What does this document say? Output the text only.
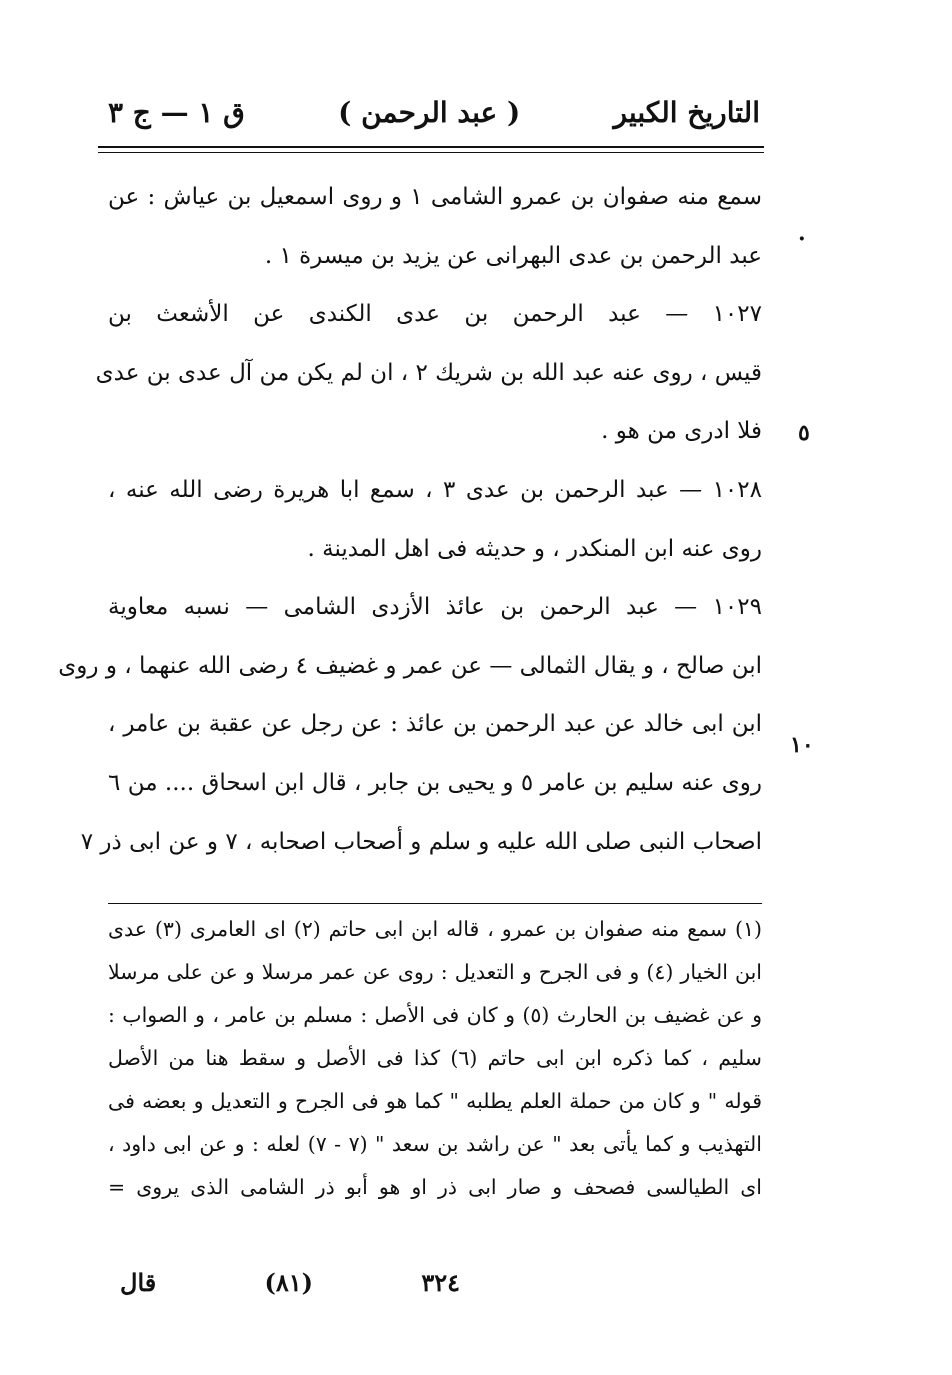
التاريخ الكبير
( عبد الرحمن )
ق ١ — ج ٣
·
٥
١٠
سمع منه صفوان بن عمرو الشامى ١ و روى اسمعيل بن عياش : عن
عبد الرحمن بن عدى البهرانى عن يزيد بن ميسرة ١ .
١٠٢٧ — عبد الرحمن بن عدى الكندى عن الأشعث بن
قيس ، روى عنه عبد الله بن شريك ٢ ، ان لم يكن من آل عدى بن عدى
فلا ادرى من هو .
١٠٢٨ — عبد الرحمن بن عدى ٣ ، سمع ابا هريرة رضى الله عنه ،
روى عنه ابن المنكدر ، و حديثه فى اهل المدينة .
١٠٢٩ — عبد الرحمن بن عائذ الأزدى الشامى — نسبه معاوية
ابن صالح ، و يقال الثمالى — عن عمر و غضيف ٤ رضى الله عنهما ، و روى
ابن ابى خالد عن عبد الرحمن بن عائذ : عن رجل عن عقبة بن عامر ،
روى عنه سليم بن عامر ٥ و يحيى بن جابر ، قال ابن اسحاق .... من ٦
اصحاب النبى صلى الله عليه و سلم و أصحاب اصحابه ، ٧ و عن ابى ذر ٧
(١) سمع منه صفوان بن عمرو ، قاله ابن ابى حاتم (٢) اى العامرى (٣) عدى
ابن الخيار (٤) و فى الجرح و التعديل : روى عن عمر مرسلا و عن على مرسلا
و عن غضيف بن الحارث (٥) و كان فى الأصل : مسلم بن عامر ، و الصواب :
سليم ، كما ذكره ابن ابى حاتم (٦) كذا فى الأصل و سقط هنا من الأصل
قوله " و كان من حملة العلم يطلبه " كما هو فى الجرح و التعديل و بعضه فى
التهذيب و كما يأتى بعد " عن راشد بن سعد " (٧ - ٧) لعله : و عن ابى داود ،
اى الطيالسى فصحف و صار ابى ذر او هو أبو ذر الشامى الذى يروى =
قال	(٨١)	٣٢٤
